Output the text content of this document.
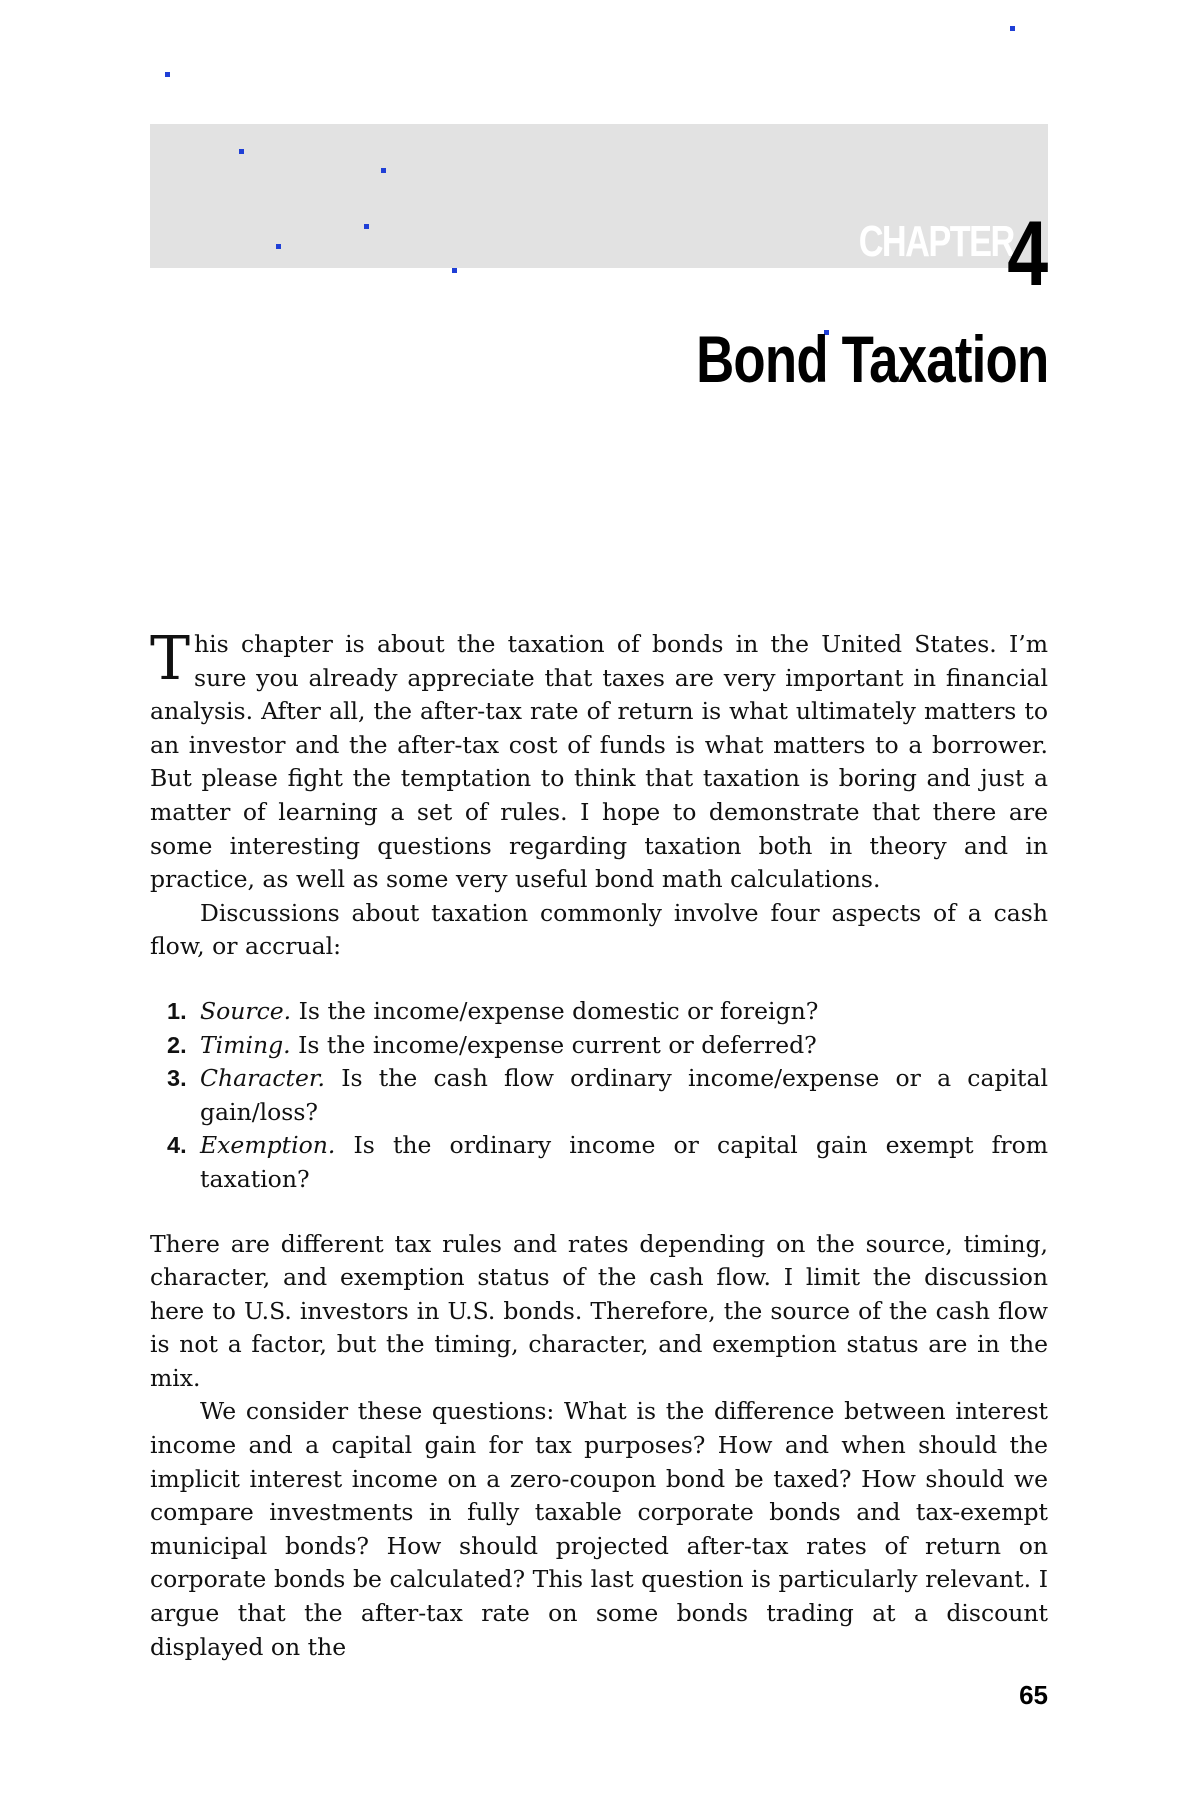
CHAPTER
4
Bond Taxation

This chapter is about the taxation of bonds in the United States. I’m sure you already appreciate that taxes are very important in financial analysis. After all, the after-tax rate of return is what ultimately matters to an investor and the after-tax cost of funds is what matters to a borrower. But please fight the temptation to think that taxation is boring and just a matter of learning a set of rules. I hope to demonstrate that there are some interesting questions regarding taxation both in theory and in practice, as well as some very useful bond math calculations.

Discussions about taxation commonly involve four aspects of a cash flow, or accrual:

1. Source. Is the income/expense domestic or foreign?
2. Timing. Is the income/expense current or deferred?
3. Character. Is the cash flow ordinary income/expense or a capital gain/loss?
4. Exemption. Is the ordinary income or capital gain exempt from taxation?

There are different tax rules and rates depending on the source, timing, character, and exemption status of the cash flow. I limit the discussion here to U.S. investors in U.S. bonds. Therefore, the source of the cash flow is not a factor, but the timing, character, and exemption status are in the mix.

We consider these questions: What is the difference between interest income and a capital gain for tax purposes? How and when should the implicit interest income on a zero-coupon bond be taxed? How should we compare investments in fully taxable corporate bonds and tax-exempt municipal bonds? How should projected after-tax rates of return on corporate bonds be calculated? This last question is particularly relevant. I argue that the after-tax rate on some bonds trading at a discount displayed on the

65
